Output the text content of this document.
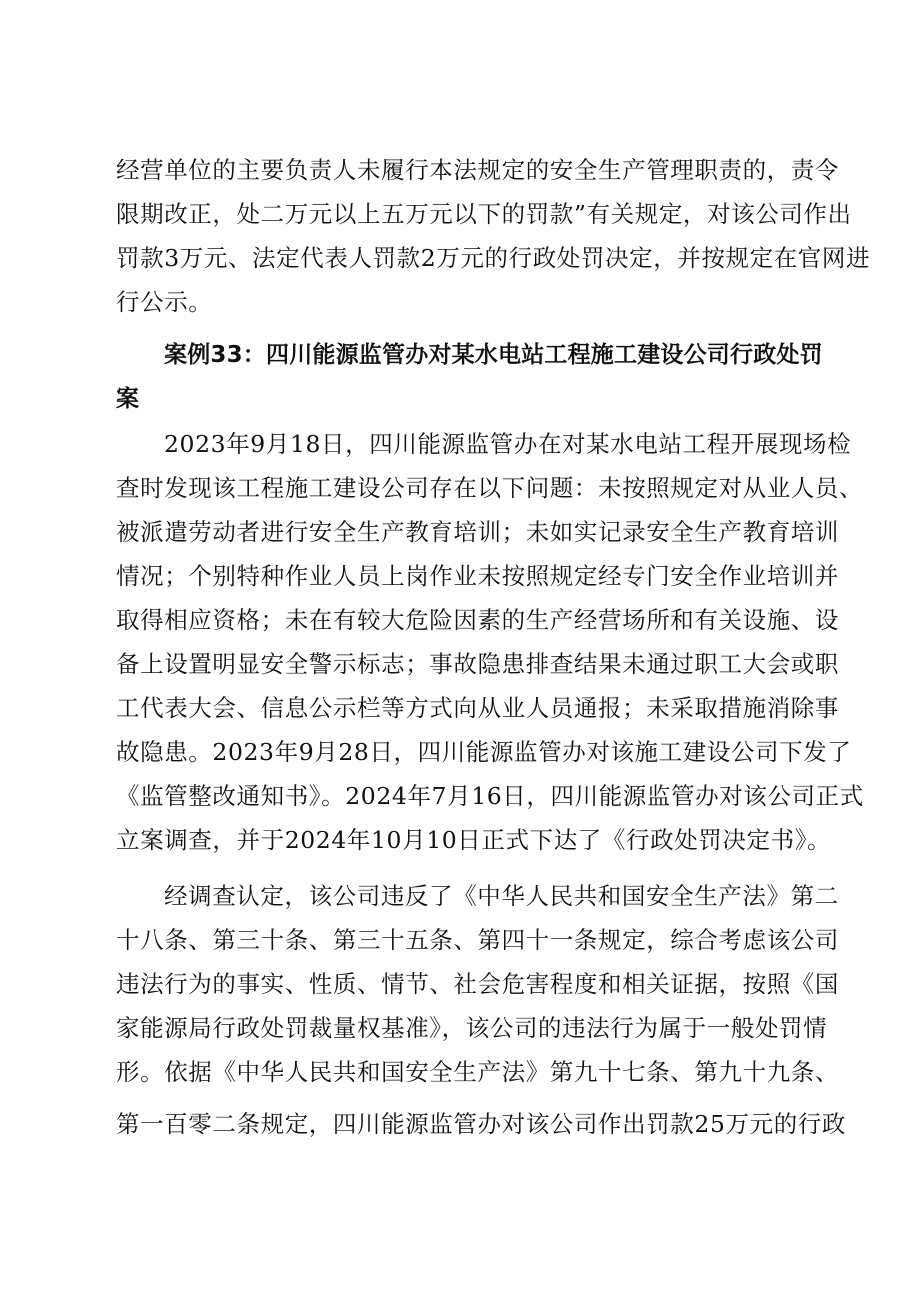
经营单位的主要负责人未履行本法规定的安全生产管理职责的，责令
限期改正，处二万元以上五万元以下的罚款”有关规定，对该公司作出
罚款3万元、法定代表人罚款2万元的行政处罚决定，并按规定在官网进
行公示。
案例33：四川能源监管办对某水电站工程施工建设公司行政处罚
案
2023年9月18日，四川能源监管办在对某水电站工程开展现场检
查时发现该工程施工建设公司存在以下问题：未按照规定对从业人员、
被派遣劳动者进行安全生产教育培训；未如实记录安全生产教育培训
情况；个别特种作业人员上岗作业未按照规定经专门安全作业培训并
取得相应资格；未在有较大危险因素的生产经营场所和有关设施、设
备上设置明显安全警示标志；事故隐患排查结果未通过职工大会或职
工代表大会、信息公示栏等方式向从业人员通报；未采取措施消除事
故隐患。2023年9月28日，四川能源监管办对该施工建设公司下发了
《监管整改通知书》。2024年7月16日，四川能源监管办对该公司正式
立案调查，并于2024年10月10日正式下达了《行政处罚决定书》。
经调查认定，该公司违反了《中华人民共和国安全生产法》第二
十八条、第三十条、第三十五条、第四十一条规定，综合考虑该公司
违法行为的事实、性质、情节、社会危害程度和相关证据，按照《国
家能源局行政处罚裁量权基准》，该公司的违法行为属于一般处罚情
形。依据《中华人民共和国安全生产法》第九十七条、第九十九条、
第一百零二条规定，四川能源监管办对该公司作出罚款25万元的行政
